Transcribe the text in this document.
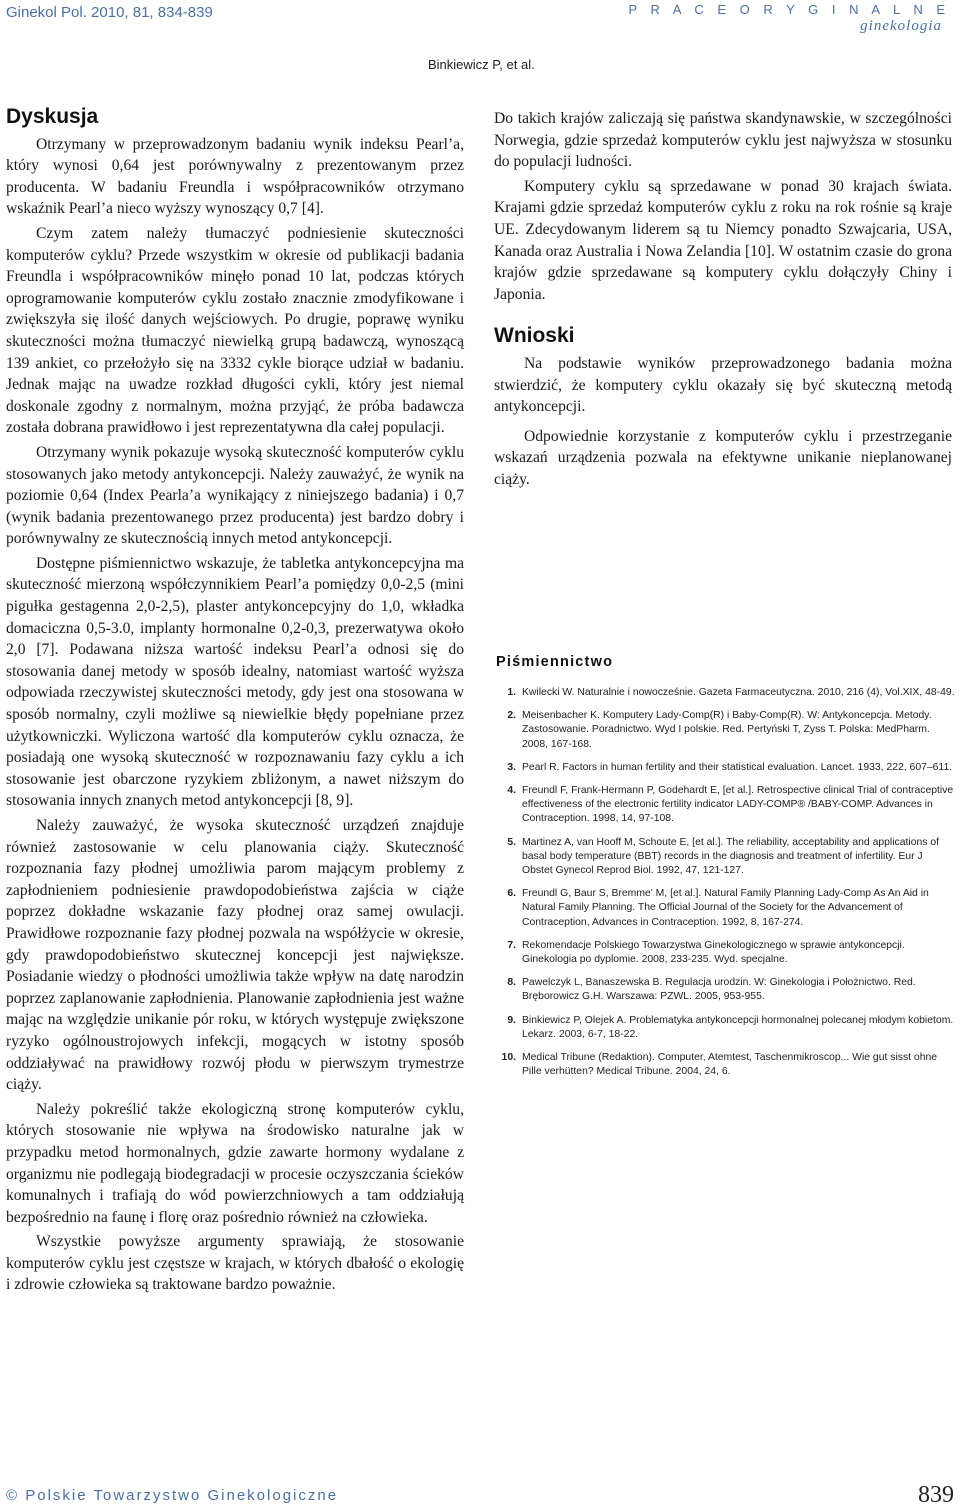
Ginekol Pol. 2010, 81, 834-839	P R A C E O R Y G I N A L N E
ginekologia
Binkiewicz P, et al.
Dyskusja

Otrzymany w przeprowadzonym badaniu wynik indeksu Pearl’a, który wynosi 0,64 jest porównywalny z prezentowanym przez producenta. W badaniu Freundla i współpracowników otrzymano wskaźnik Pearl’a nieco wyższy wynoszący 0,7 [4].

Czym zatem należy tłumaczyć podniesienie skuteczności komputerów cyklu? Przede wszystkim w okresie od publikacji badania Freundla i współpracowników minęło ponad 10 lat, podczas których oprogramowanie komputerów cyklu zostało znacznie zmodyfikowane i zwiększyła się ilość danych wejściowych. Po drugie, poprawę wyniku skuteczności można tłumaczyć niewielką grupą badawczą, wynoszącą 139 ankiet, co przełożyło się na 3332 cykle biorące udział w badaniu. Jednak mając na uwadze rozkład długości cykli, który jest niemal doskonale zgodny z normalnym, można przyjąć, że próba badawcza została dobrana prawidłowo i jest reprezentatywna dla całej populacji.

Otrzymany wynik pokazuje wysoką skuteczność komputerów cyklu stosowanych jako metody antykoncepcji. Należy zauważyć, że wynik na poziomie 0,64 (Index Pearla’a wynikający z niniejszego badania) i 0,7 (wynik badania prezentowanego przez producenta) jest bardzo dobry i porównywalny ze skutecznością innych metod antykoncepcji.

Dostępne piśmiennictwo wskazuje, że tabletka antykoncepcyjna ma skuteczność mierzoną współczynnikiem Pearl’a pomiędzy 0,0-2,5 (mini pigułka gestagenna 2,0-2,5), plaster antykoncepcyjny do 1,0, wkładka domaciczna 0,5-3.0, implanty hormonalne 0,2-0,3, prezerwatywa około 2,0 [7]. Podawana niższa wartość indeksu Pearl’a odnosi się do stosowania danej metody w sposób idealny, natomiast wartość wyższa odpowiada rzeczywistej skuteczności metody, gdy jest ona stosowana w sposób normalny, czyli możliwe są niewielkie błędy popełniane przez użytkowniczki. Wyliczona wartość dla komputerów cyklu oznacza, że posiadają one wysoką skuteczność w rozpoznawaniu fazy cyklu a ich stosowanie jest obarczone ryzykiem zbliżonym, a nawet niższym do stosowania innych znanych metod antykoncepcji [8, 9].

Należy zauważyć, że wysoka skuteczność urządzeń znajduje również zastosowanie w celu planowania ciąży. Skuteczność rozpoznania fazy płodnej umożliwia parom mającym problemy z zapłodnieniem podniesienie prawdopodobieństwa zajścia w ciąże poprzez dokładne wskazanie fazy płodnej oraz samej owulacji. Prawidłowe rozpoznanie fazy płodnej pozwala na współżycie w okresie, gdy prawdopodobieństwo skutecznej koncepcji jest największe. Posiadanie wiedzy o płodności umożliwia także wpływ na datę narodzin poprzez zaplanowanie zapłodnienia. Planowanie zapłodnienia jest ważne mając na względzie unikanie pór roku, w których występuje zwiększone ryzyko ogólnoustrojowych infekcji, mogących w istotny sposób oddziaływać na prawidłowy rozwój płodu w pierwszym trymestrze ciąży.

Należy pokreślić także ekologiczną stronę komputerów cyklu, których stosowanie nie wpływa na środowisko naturalne jak w przypadku metod hormonalnych, gdzie zawarte hormony wydalane z organizmu nie podlegają biodegradacji w procesie oczyszczania ścieków komunalnych i trafiają do wód powierzchniowych a tam oddziałują bezpośrednio na faunę i florę oraz pośrednio również na człowieka.

Wszystkie powyższe argumenty sprawiają, że stosowanie komputerów cyklu jest częstsze w krajach, w których dbałość o ekologię i zdrowie człowieka są traktowane bardzo poważnie.

Do takich krajów zaliczają się państwa skandynawskie, w szczególności Norwegia, gdzie sprzedaż komputerów cyklu jest najwyższa w stosunku do populacji ludności.

Komputery cyklu są sprzedawane w ponad 30 krajach świata. Krajami gdzie sprzedaż komputerów cyklu z roku na rok rośnie są kraje UE. Zdecydowanym liderem są tu Niemcy ponadto Szwajcaria, USA, Kanada oraz Australia i Nowa Zelandia [10]. W ostatnim czasie do grona krajów gdzie sprzedawane są komputery cyklu dołączyły Chiny i Japonia.

Wnioski

Na podstawie wyników przeprowadzonego badania można stwierdzić, że komputery cyklu okazały się być skuteczną metodą antykoncepcji.

Odpowiednie korzystanie z komputerów cyklu i przestrzeganie wskazań urządzenia pozwala na efektywne unikanie nieplanowanej ciąży.

Piśmiennictwo
1. Kwilecki W. Naturalnie i nowocześnie. Gazeta Farmaceutyczna. 2010, 216 (4), Vol.XIX, 48-49.
2. Meisenbacher K. Komputery Lady-Comp(R) i Baby-Comp(R). W: Antykoncepcja. Metody. Zastosowanie. Poradnictwo. Wyd I polskie. Red. Pertyński T, Zyss T. Polska: MedPharm. 2008, 167-168.
3. Pearl R. Factors in human fertility and their statistical evaluation. Lancet. 1933, 222, 607–611.
4. Freundl F, Frank-Hermann P, Godehardt E, [et al.]. Retrospective clinical Trial of contraceptive effectiveness of the electronic fertility indicator LADY-COMP® /BABY-COMP. Advances in Contraception. 1998, 14, 97-108.
5. Martinez A, van Hooff M, Schoute E, [et al.]. The reliability, acceptability and applications of basal body temperature (BBT) records in the diagnosis and treatment of infertility. Eur J Obstet Gynecol Reprod Biol. 1992, 47, 121-127.
6. Freundl G, Baur S, Bremme' M, [et al.]. Natural Family Planning Lady-Comp As An Aid in Natural Family Planning. The Official Journal of the Society for the Advancement of Contraception, Advances in Contraception. 1992, 8, 167-274.
7. Rekomendacje Polskiego Towarzystwa Ginekologicznego w sprawie antykoncepcji. Ginekologia po dyplomie. 2008, 233-235. Wyd. specjalne.
8. Pawelczyk L, Banaszewska B. Regulacja urodzin. W: Ginekologia i Położnictwo. Red. Bręborowicz G.H. Warszawa: PZWL. 2005, 953-955.
9. Binkiewicz P, Olejek A. Problematyka antykoncepcji hormonalnej polecanej młodym kobietom. Lekarz. 2003, 6-7, 18-22.
10. Medical Tribune (Redaktion). Computer, Atemtest, Taschenmikroscop... Wie gut sisst ohne Pille verhütten? Medical Tribune. 2004, 24, 6.
© Polskie Towarzystwo Ginekologiczne	839
